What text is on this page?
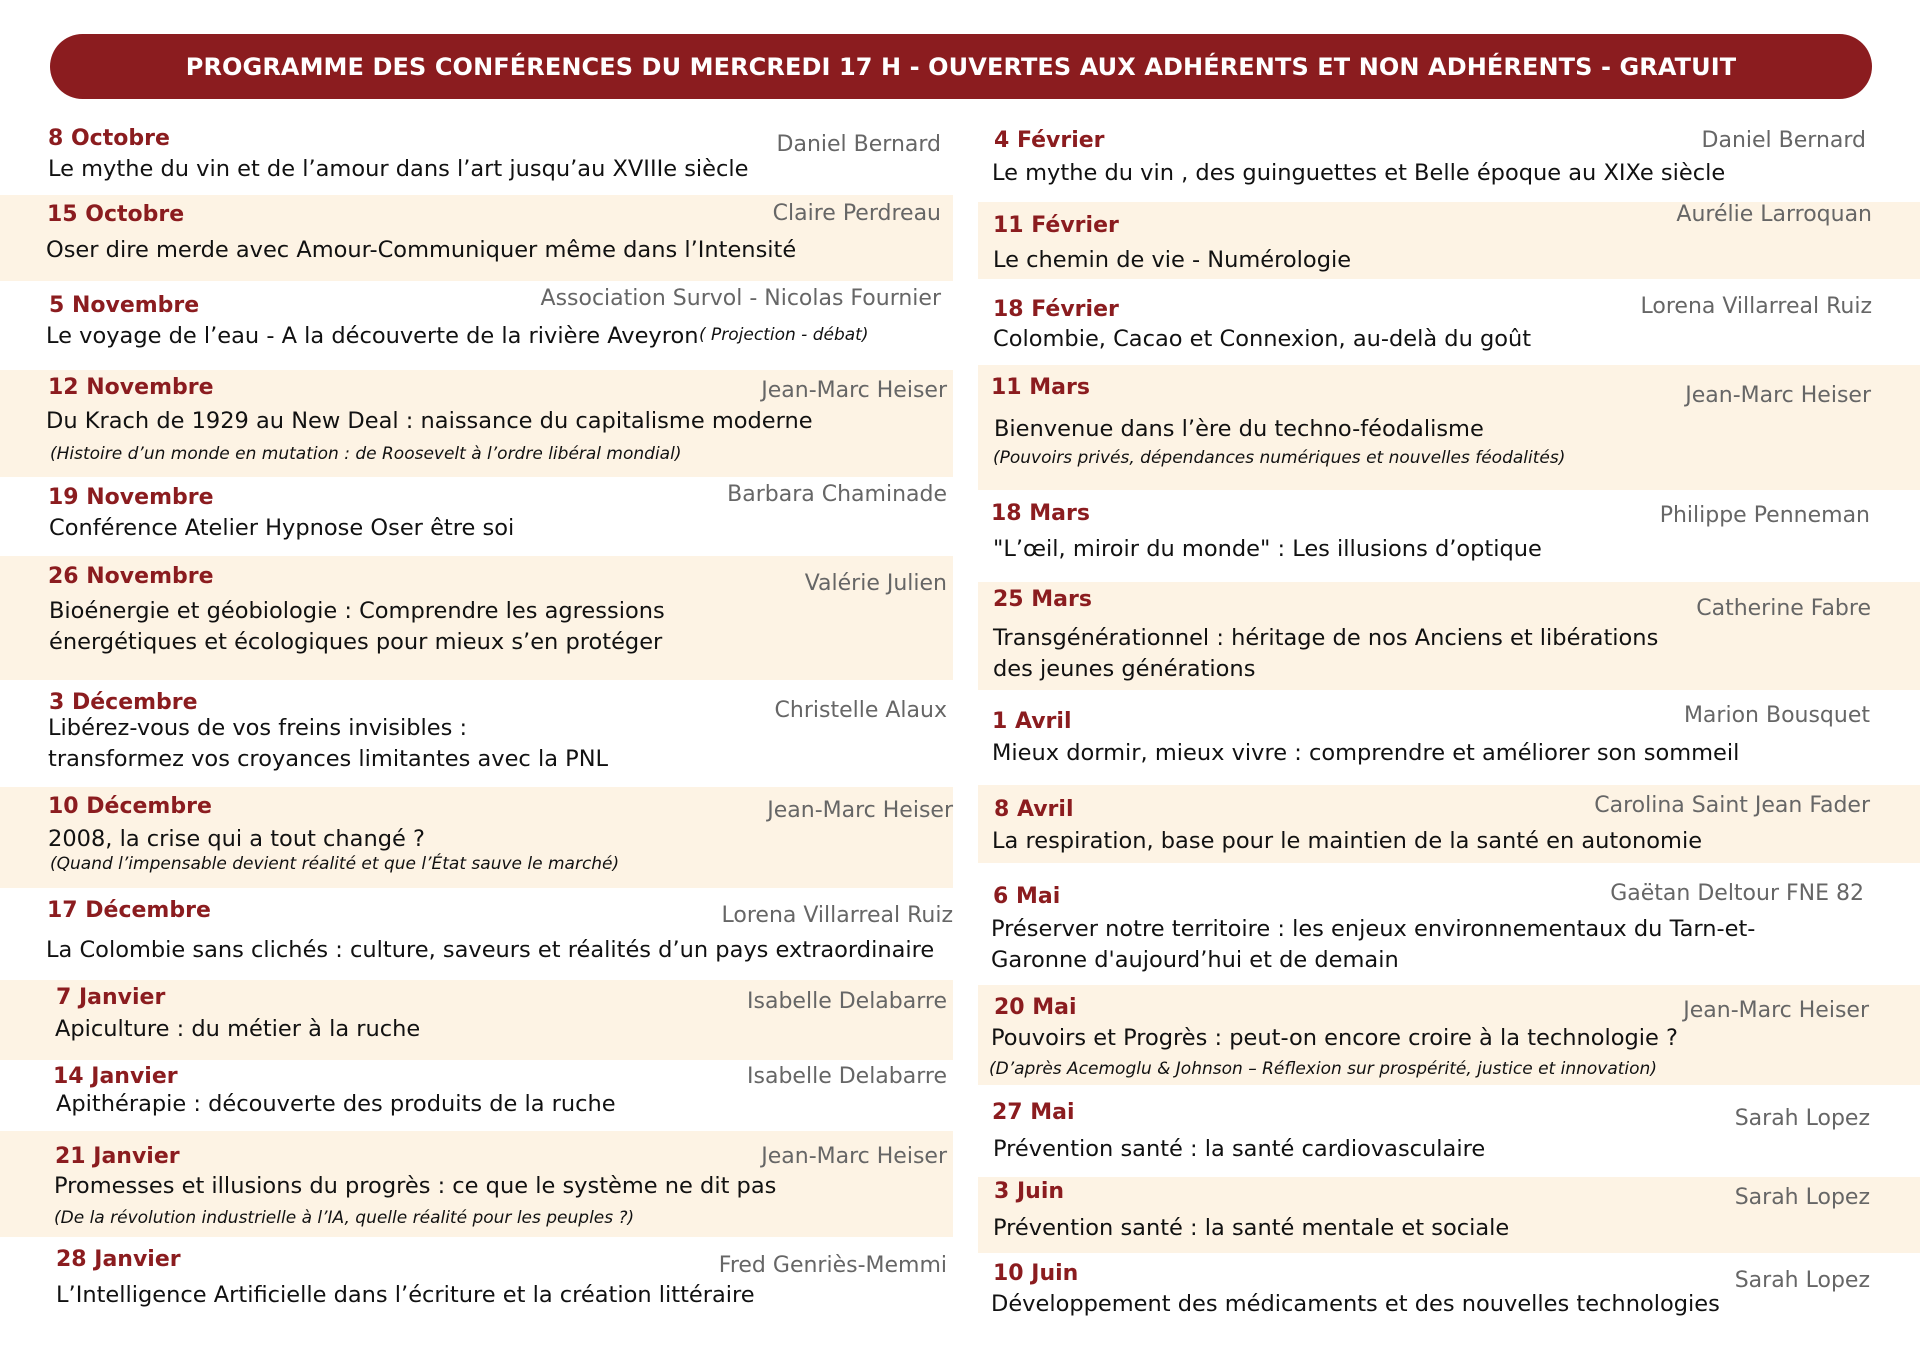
PROGRAMME DES CONFÉRENCES DU MERCREDI 17 H - OUVERTES AUX ADHÉRENTS ET NON ADHÉRENTS - GRATUIT
8 Octobre	Daniel Bernard
Le mythe du vin et de l’amour dans l’art jusqu’au XVIIIe siècle
15 Octobre	Claire Perdreau
Oser dire merde avec Amour-Communiquer même dans l’Intensité
5 Novembre	Association Survol - Nicolas Fournier
Le voyage de l’eau - A la découverte de la rivière Aveyron ( Projection - débat)
12 Novembre	Jean-Marc Heiser
Du Krach de 1929 au New Deal : naissance du capitalisme moderne
(Histoire d’un monde en mutation : de Roosevelt à l’ordre libéral mondial)
19 Novembre	Barbara Chaminade
Conférence Atelier Hypnose Oser être soi
26 Novembre	Valérie Julien
Bioénergie et géobiologie : Comprendre les agressions
énergétiques et écologiques pour mieux s’en protéger
3 Décembre	Christelle Alaux
Libérez-vous de vos freins invisibles :
transformez vos croyances limitantes avec la PNL
10 Décembre	Jean-Marc Heiser
2008, la crise qui a tout changé ?
(Quand l’impensable devient réalité et que l’État sauve le marché)
17 Décembre	Lorena Villarreal Ruiz
La Colombie sans clichés : culture, saveurs et réalités d’un pays extraordinaire
7 Janvier	Isabelle Delabarre
Apiculture : du métier à la ruche
14 Janvier	Isabelle Delabarre
Apithérapie : découverte des produits de la ruche
21 Janvier	Jean-Marc Heiser
Promesses et illusions du progrès : ce que le système ne dit pas
(De la révolution industrielle à l’IA, quelle réalité pour les peuples ?)
28 Janvier	Fred Genriès-Memmi
L’Intelligence Artificielle dans l’écriture et la création littéraire
4 Février	Daniel Bernard
Le mythe du vin , des guinguettes et Belle époque au XIXe siècle
11 Février	Aurélie Larroquan
Le chemin de vie - Numérologie
18 Février	Lorena Villarreal Ruiz
Colombie, Cacao et Connexion, au-delà du goût
11 Mars	Jean-Marc Heiser
Bienvenue dans l’ère du techno-féodalisme
(Pouvoirs privés, dépendances numériques et nouvelles féodalités)
18 Mars	Philippe Penneman
"L’œil, miroir du monde" : Les illusions d’optique
25 Mars	Catherine Fabre
Transgénérationnel : héritage de nos Anciens et libérations
des jeunes générations
1 Avril	Marion Bousquet
Mieux dormir, mieux vivre : comprendre et améliorer son sommeil
8 Avril	Carolina Saint Jean Fader
La respiration, base pour le maintien de la santé en autonomie
6 Mai	Gaëtan Deltour FNE 82
Préserver notre territoire : les enjeux environnementaux du Tarn-et-
Garonne d'aujourd’hui et de demain
20 Mai	Jean-Marc Heiser
Pouvoirs et Progrès : peut-on encore croire à la technologie ?
(D’après Acemoglu & Johnson – Réflexion sur prospérité, justice et innovation)
27 Mai	Sarah Lopez
Prévention santé : la santé cardiovasculaire
3 Juin	Sarah Lopez
Prévention santé : la santé mentale et sociale
10 Juin	Sarah Lopez
Développement des médicaments et des nouvelles technologies
